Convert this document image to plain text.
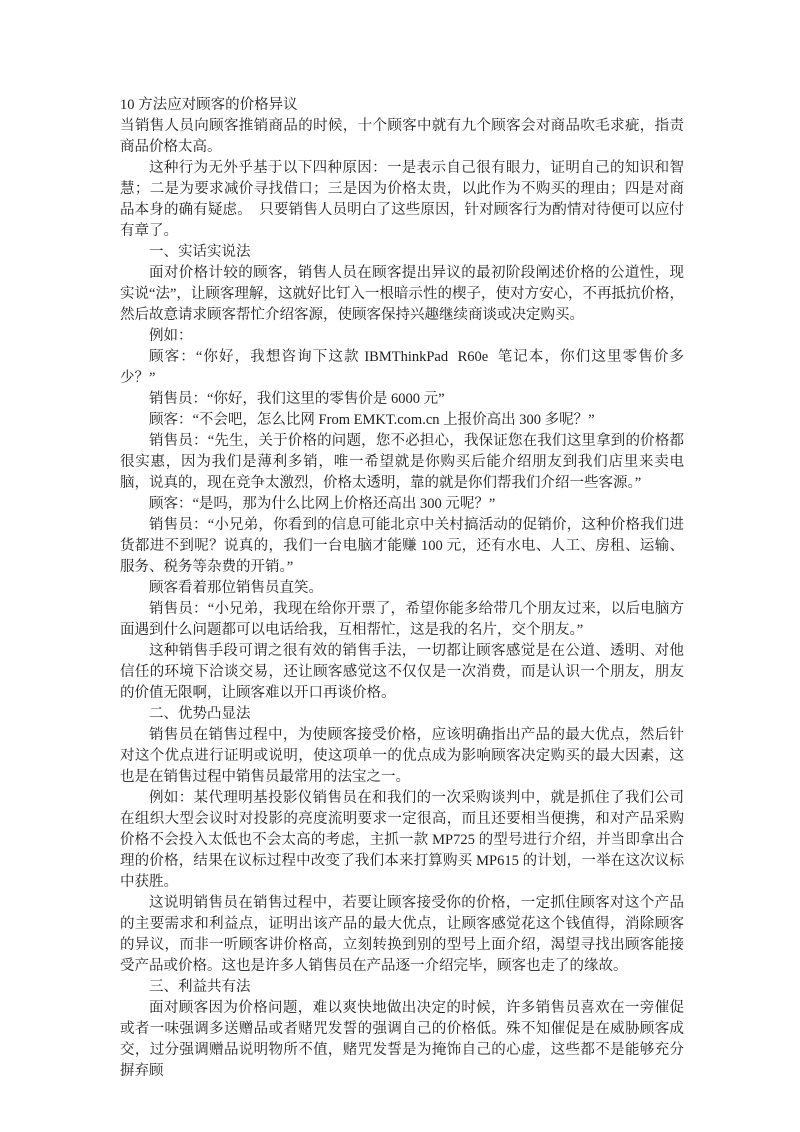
10 方法应对顾客的价格异议

当销售人员向顾客推销商品的时候，十个顾客中就有九个顾客会对商品吹毛求疵，指责商品价格太高。

这种行为无外乎基于以下四种原因：一是表示自己很有眼力，证明自己的知识和智慧；二是为要求减价寻找借口；三是因为价格太贵，以此作为不购买的理由；四是对商品本身的确有疑虑。　只要销售人员明白了这些原因，针对顾客行为酌情对待便可以应付有章了。

一、实话实说法

面对价格计较的顾客，销售人员在顾客提出异议的最初阶段阐述价格的公道性，现实说“法”，让顾客理解，这就好比钉入一根暗示性的楔子，使对方安心，不再抵抗价格，然后故意请求顾客帮忙介绍客源，使顾客保持兴趣继续商谈或决定购买。

例如：

顾客：“你好，我想咨询下这款 IBMThinkPad  R60e  笔记本，你们这里零售价多少？”

销售员：“你好，我们这里的零售价是 6000 元”

顾客：“不会吧，怎么比网 From EMKT.com.cn 上报价高出 300 多呢？”

销售员：“先生，关于价格的问题，您不必担心，我保证您在我们这里拿到的价格都很实惠，因为我们是薄利多销，唯一希望就是你购买后能介绍朋友到我们店里来卖电脑，说真的，现在竞争太激烈，价格太透明，靠的就是你们帮我们介绍一些客源。”

顾客：“是吗，那为什么比网上价格还高出 300 元呢？”

销售员：“小兄弟，你看到的信息可能北京中关村搞活动的促销价，这种价格我们进货都进不到呢？说真的，我们一台电脑才能赚 100 元，还有水电、人工、房租、运输、服务、税务等杂费的开销。”

顾客看着那位销售员直笑。

销售员：“小兄弟，我现在给你开票了，希望你能多给带几个朋友过来，以后电脑方面遇到什么问题都可以电话给我，互相帮忙，这是我的名片，交个朋友。”

这种销售手段可谓之很有效的销售手法，一切都让顾客感觉是在公道、透明、对他信任的环境下洽谈交易，还让顾客感觉这不仅仅是一次消费，而是认识一个朋友，朋友的价值无限啊，让顾客难以开口再谈价格。

二、优势凸显法

销售员在销售过程中，为使顾客接受价格，应该明确指出产品的最大优点，然后针对这个优点进行证明或说明，使这项单一的优点成为影响顾客决定购买的最大因素，这也是在销售过程中销售员最常用的法宝之一。

例如：某代理明基投影仪销售员在和我们的一次采购谈判中，就是抓住了我们公司在组织大型会议时对投影的亮度流明要求一定很高，而且还要相当便携，和对产品采购价格不会投入太低也不会太高的考虑，主抓一款 MP725 的型号进行介绍，并当即拿出合理的价格，结果在议标过程中改变了我们本来打算购买 MP615 的计划，一举在这次议标中获胜。

这说明销售员在销售过程中，若要让顾客接受你的价格，一定抓住顾客对这个产品的主要需求和利益点，证明出该产品的最大优点，让顾客感觉花这个钱值得，消除顾客的异议，而非一听顾客讲价格高，立刻转换到别的型号上面介绍，渴望寻找出顾客能接受产品或价格。这也是许多人销售员在产品逐一介绍完毕，顾客也走了的缘故。

三、利益共有法

面对顾客因为价格问题，难以爽快地做出决定的时候，许多销售员喜欢在一旁催促或者一味强调多送赠品或者赌咒发誓的强调自己的价格低。殊不知催促是在威胁顾客成交，过分强调赠品说明物所不值，赌咒发誓是为掩饰自己的心虚，这些都不是能够充分摒弃顾
